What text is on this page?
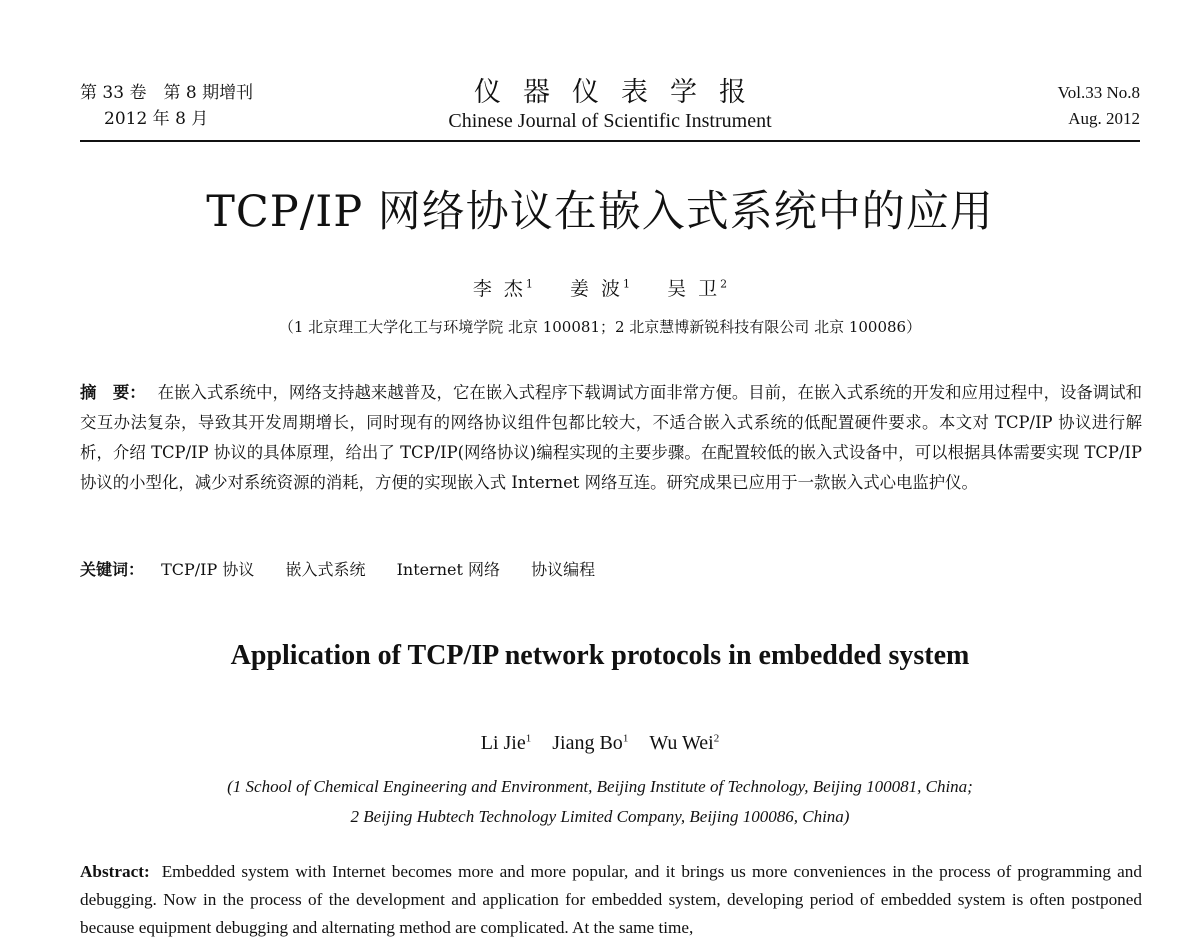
第 33 卷　第 8 期增刊
2012 年 8 月
仪器仪表学报
Chinese Journal of Scientific Instrument
Vol.33 No.8
Aug. 2012
TCP/IP 网络协议在嵌入式系统中的应用
李 杰$^1$ 姜 波$^1$ 吴 卫$^2$
（1 北京理工大学化工与环境学院 北京 100081；2 北京慧博新锐科技有限公司 北京 100086）
摘　要： 在嵌入式系统中，网络支持越来越普及，它在嵌入式程序下载调试方面非常方便。目前，在嵌入式系统的开发和应用过程中，设备调试和交互办法复杂，导致其开发周期增长，同时现有的网络协议组件包都比较大，不适合嵌入式系统的低配置硬件要求。本文对 TCP/IP 协议进行解析，介绍 TCP/IP 协议的具体原理，给出了 TCP/IP(网络协议)编程实现的主要步骤。在配置较低的嵌入式设备中，可以根据具体需要实现 TCP/IP 协议的小型化，减少对系统资源的消耗，方便的实现嵌入式 Internet 网络互连。研究成果已应用于一款嵌入式心电监护仪。
关键词： TCP/IP 协议 嵌入式系统 Internet 网络 协议编程
Application of TCP/IP network protocols in embedded system
Li Jie$^1$ Jiang Bo$^1$ Wu Wei$^2$
(1 School of Chemical Engineering and Environment, Beijing Institute of Technology, Beijing 100081, China;
2 Beijing Hubtech Technology Limited Company, Beijing 100086, China)
Abstract: Embedded system with Internet becomes more and more popular, and it brings us more conveniences in the process of programming and debugging. Now in the process of the development and application for embedded system, developing period of embedded system is often postponed because equipment debugging and alternating method are complicated. At the same time,
